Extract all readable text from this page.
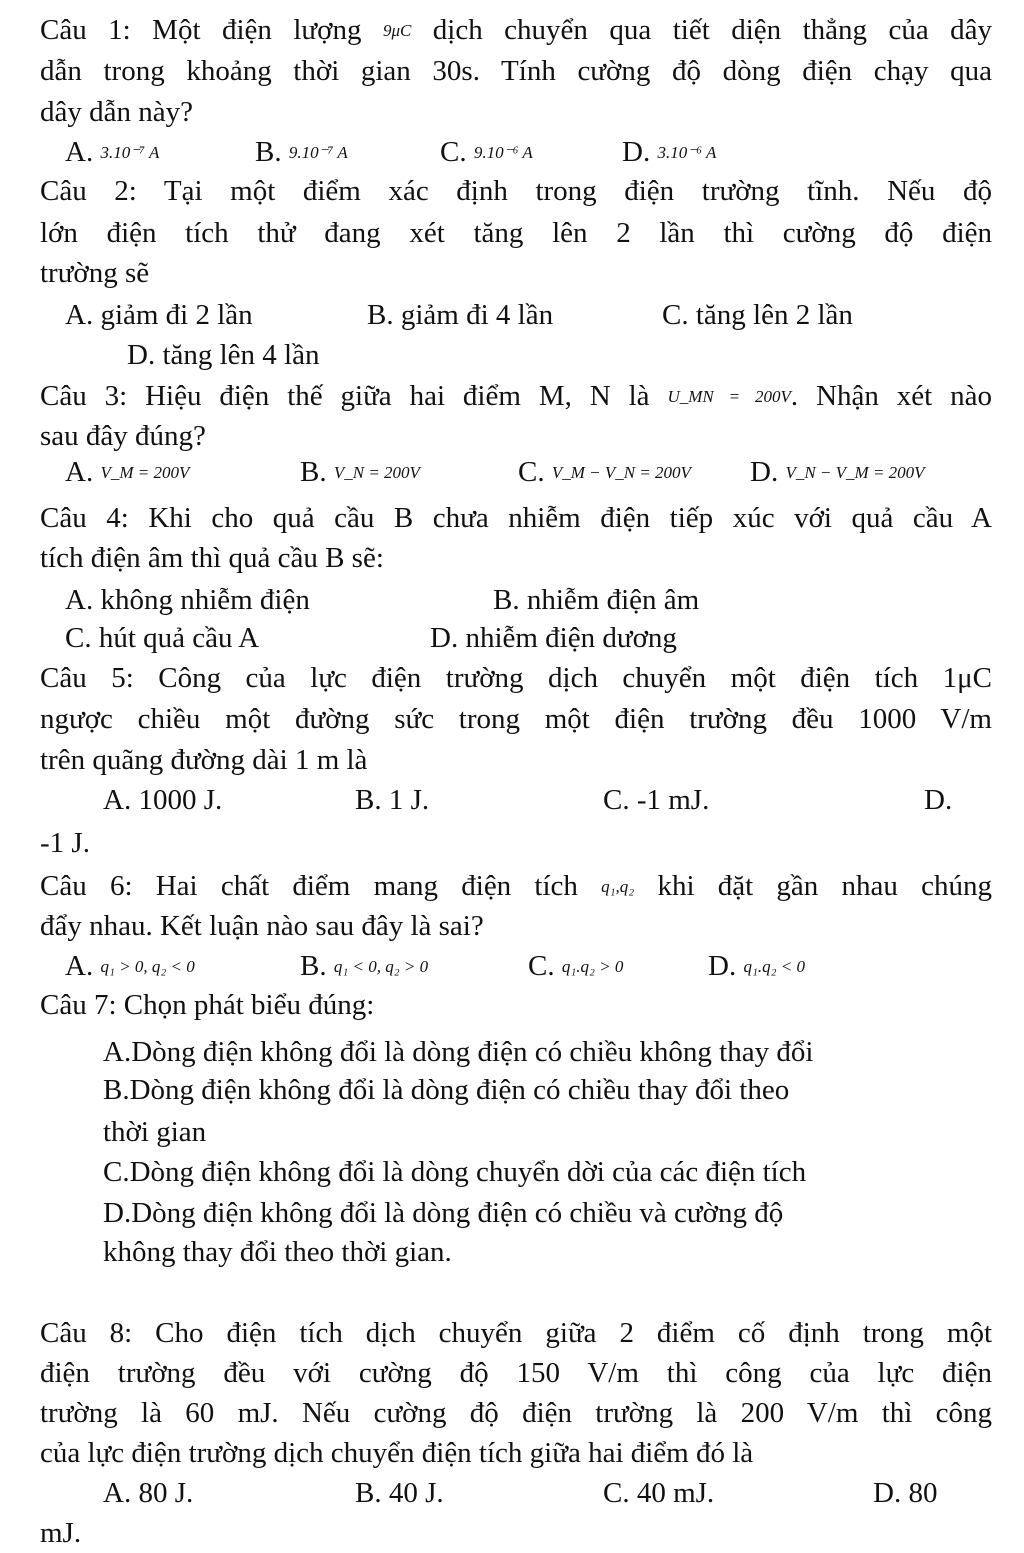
Câu 1: Một điện lượng 9μC dịch chuyển qua tiết diện thẳng của dây
dẫn trong khoảng thời gian 30s. Tính cường độ dòng điện chạy qua
dây dẫn này?
A. 3.10⁻⁷ A	B. 9.10⁻⁷ A	C. 9.10⁻⁶ A	D. 3.10⁻⁶ A
Câu 2: Tại một điểm xác định trong điện trường tĩnh. Nếu độ
lớn điện tích thử đang xét tăng lên 2 lần thì cường độ điện
trường sẽ
A. giảm đi 2 lần	B. giảm đi 4 lần	C. tăng lên 2 lần
D. tăng lên 4 lần
Câu 3: Hiệu điện thế giữa hai điểm M, N là U_MN = 200V. Nhận xét nào
sau đây đúng?
A. V_M = 200V	B. V_N = 200V	C. V_M − V_N = 200V D. V_N − V_M = 200V
Câu 4: Khi cho quả cầu B chưa nhiễm điện tiếp xúc với quả cầu A
tích điện âm thì quả cầu B sẽ:
A. không nhiễm điện	B. nhiễm điện âm
C. hút quả cầu A	D. nhiễm điện dương
Câu 5: Công của lực điện trường dịch chuyển một điện tích 1μC
ngược chiều một đường sức trong một điện trường đều 1000 V/m
trên quãng đường dài 1 m là
A. 1000 J.	B. 1 J.	C. -1 mJ.	D.
-1 J.
Câu 6: Hai chất điểm mang điện tích q₁,q₂ khi đặt gần nhau chúng
đẩy nhau. Kết luận nào sau đây là sai?
A. q₁ > 0, q₂ < 0	B. q₁ < 0, q₂ > 0	C. q₁.q₂ > 0	D. q₁.q₂ < 0
Câu 7: Chọn phát biểu đúng:
A.Dòng điện không đổi là dòng điện có chiều không thay đổi
B.Dòng điện không đổi là dòng điện có chiều thay đổi theo
thời gian
C.Dòng điện không đổi là dòng chuyển dời của các điện tích
D.Dòng điện không đổi là dòng điện có chiều và cường độ
không thay đổi theo thời gian.
Câu 8: Cho điện tích dịch chuyển giữa 2 điểm cố định trong một
điện trường đều với cường độ 150 V/m thì công của lực điện
trường là 60 mJ. Nếu cường độ điện trường là 200 V/m thì công
của lực điện trường dịch chuyển điện tích giữa hai điểm đó là
A. 80 J.	B. 40 J.	C. 40 mJ.	D. 80
mJ.
